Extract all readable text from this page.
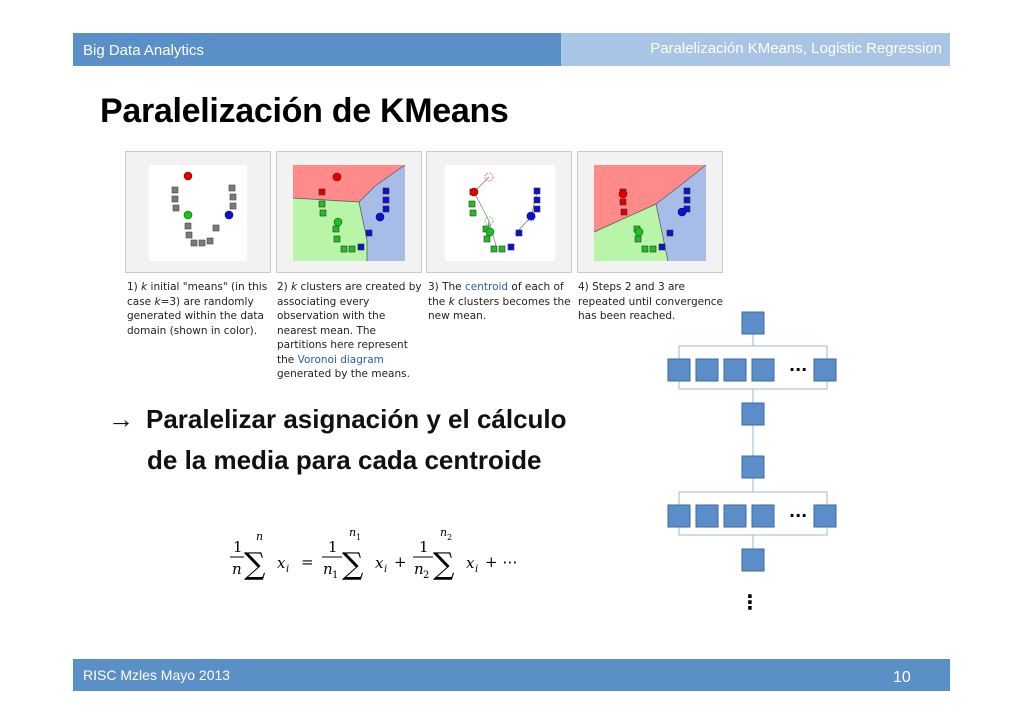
Big Data Analytics	Paralelización KMeans, Logistic Regression
Paralelización de KMeans
1) k initial "means" (in this case k=3) are randomly generated within the data domain (shown in color).
2) k clusters are created by associating every observation with the nearest mean. The partitions here represent the Voronoi diagram generated by the means.
3) The centroid of each of the k clusters becomes the new mean.
4) Steps 2 and 3 are repeated until convergence has been reached.
→ Paralelizar asignación y el cálculo
de la media para cada centroide
1
n
n
∑ x i =
1
n 1
n 1
∑ x i +
1
n 2
n 2
∑ x i + ⋯
···
···
⋮
RISC Mzles Mayo 2013	10
